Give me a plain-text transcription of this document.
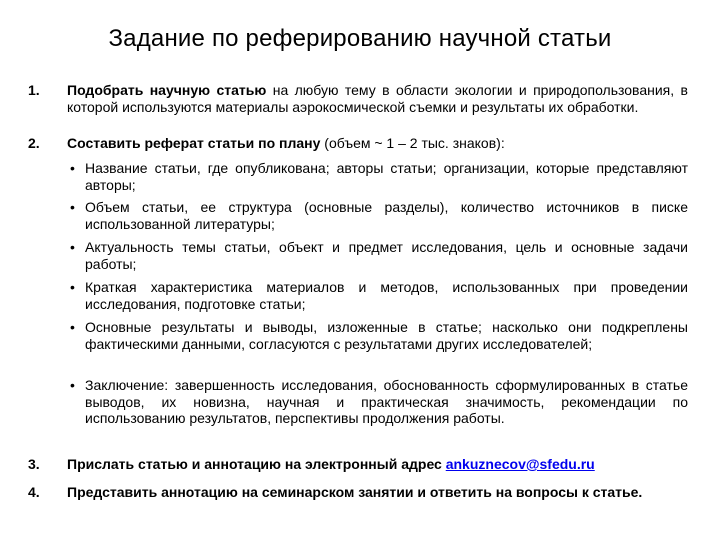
Задание по реферированию научной статьи
1. Подобрать научную статью на любую тему в области экологии и природопользования, в которой используются материалы аэрокосмической съемки и результаты их обработки.
2. Составить реферат статьи по плану (объем ~ 1 – 2 тыс. знаков):
• Название статьи, где опубликована; авторы статьи; организации, которые представляют авторы;
• Объем статьи, ее структура (основные разделы), количество источников в писке использованной литературы;
• Актуальность темы статьи, объект и предмет исследования, цель и основные задачи работы;
• Краткая характеристика материалов и методов, использованных при проведении исследования, подготовке статьи;
• Основные результаты и выводы, изложенные в статье; насколько они подкреплены фактическими данными, согласуются с результатами других исследователей;
• Заключение: завершенность исследования, обоснованность сформулированных в статье выводов, их новизна, научная и практическая значимость, рекомендации по использованию результатов, перспективы продолжения работы.
3. Прислать статью и аннотацию на электронный адрес ankuznecov@sfedu.ru
4. Представить аннотацию на семинарском занятии и ответить на вопросы к статье.
